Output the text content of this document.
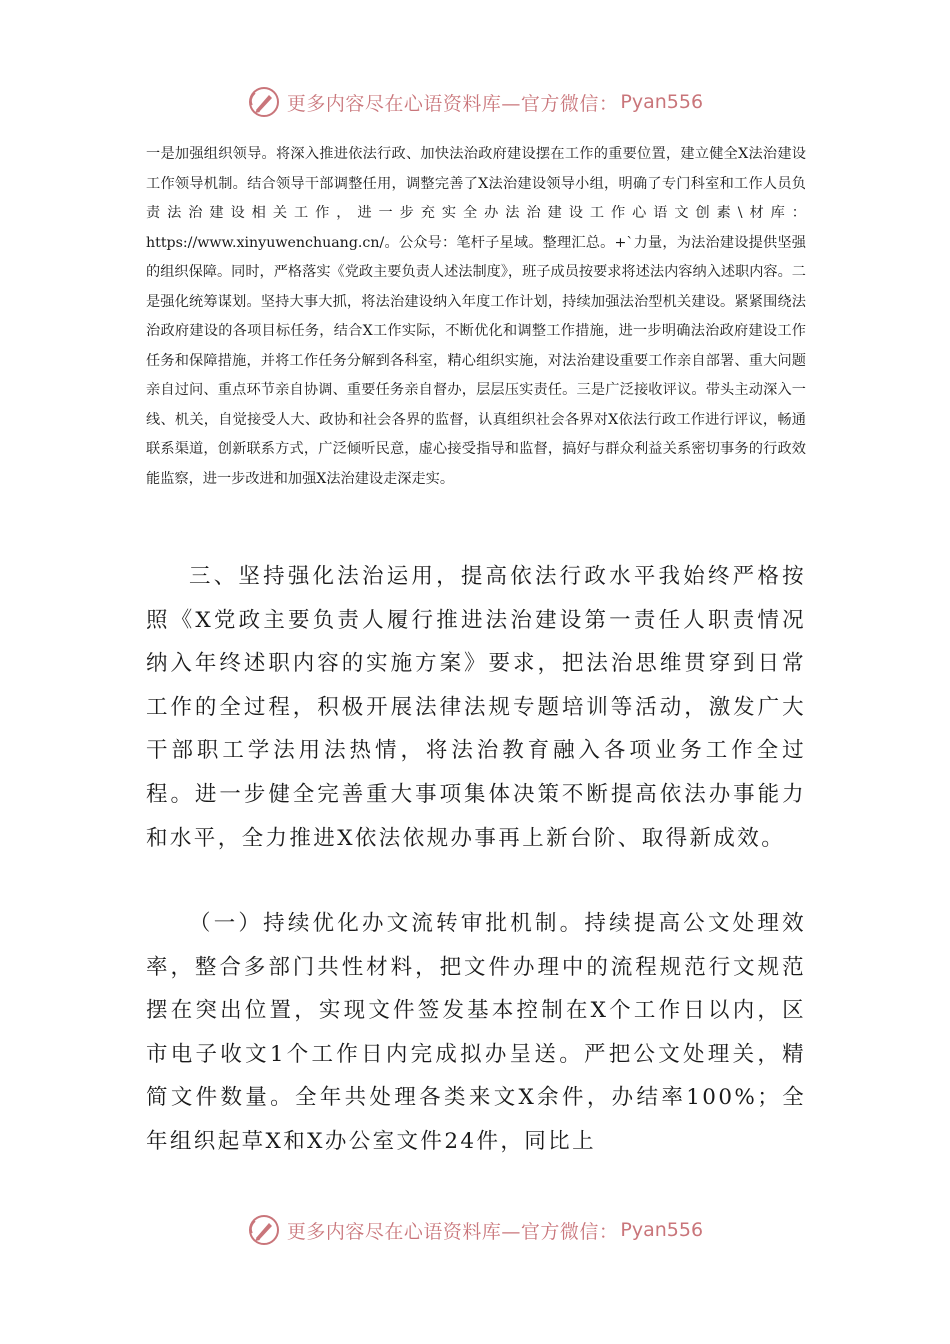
更多内容尽在心语资料库—官方微信： Pyan556

一是加强组织领导。将深入推进依法行政、加快法治政府建设摆在工作的重要位置，建立健全X法治建设工作领导机制。结合领导干部调整任用，调整完善了X法治建设领导小组，明确了专门科室和工作人员负责法治建设相关工作，进一步充实全办法治建设工作心语文创素\材库：https://www.xinyuwenchuang.cn/。公众号：笔杆子星域。整理汇总。+`力量，为法治建设提供坚强的组织保障。同时，严格落实《党政主要负责人述法制度》，班子成员按要求将述法内容纳入述职内容。二是强化统筹谋划。坚持大事大抓，将法治建设纳入年度工作计划，持续加强法治型机关建设。紧紧围绕法治政府建设的各项目标任务，结合X工作实际，不断优化和调整工作措施，进一步明确法治政府建设工作任务和保障措施，并将工作任务分解到各科室，精心组织实施，对法治建设重要工作亲自部署、重大问题亲自过问、重点环节亲自协调、重要任务亲自督办，层层压实责任。三是广泛接收评议。带头主动深入一线、机关，自觉接受人大、政协和社会各界的监督，认真组织社会各界对X依法行政工作进行评议，畅通联系渠道，创新联系方式，广泛倾听民意，虚心接受指导和监督，搞好与群众利益关系密切事务的行政效能监察，进一步改进和加强X法治建设走深走实。

三、坚持强化法治运用，提高依法行政水平我始终严格按照《X党政主要负责人履行推进法治建设第一责任人职责情况纳入年终述职内容的实施方案》要求，把法治思维贯穿到日常工作的全过程，积极开展法律法规专题培训等活动，激发广大干部职工学法用法热情，将法治教育融入各项业务工作全过程。进一步健全完善重大事项集体决策不断提高依法办事能力和水平，全力推进X依法依规办事再上新台阶、取得新成效。

（一）持续优化办文流转审批机制。持续提高公文处理效率，整合多部门共性材料，把文件办理中的流程规范行文规范摆在突出位置，实现文件签发基本控制在X个工作日以内，区市电子收文1个工作日内完成拟办呈送。严把公文处理关，精简文件数量。全年共处理各类来文X余件，办结率100%；全年组织起草X和X办公室文件24件，同比上

更多内容尽在心语资料库—官方微信： Pyan556
